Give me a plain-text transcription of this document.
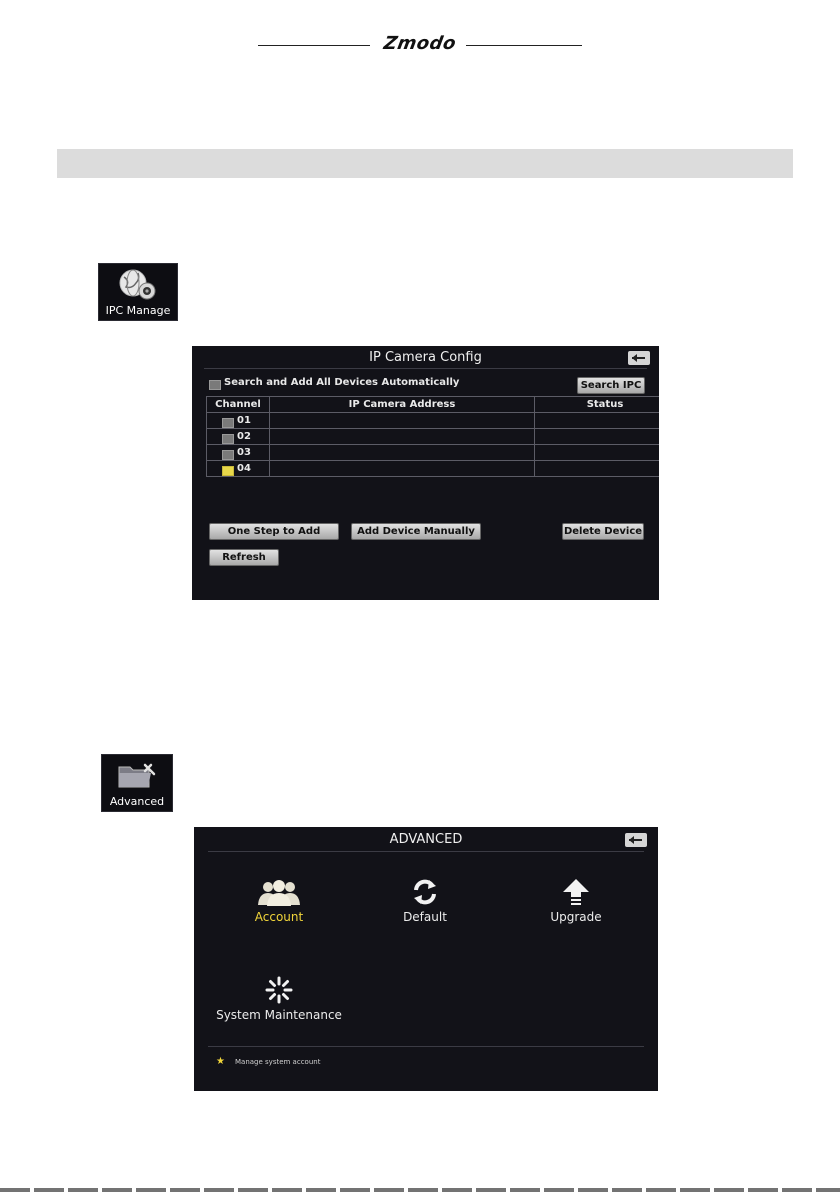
Zmodo
IPC Manage
IP Camera Config
Search and Add All Devices Automatically	Search IPC
Channel	IP Camera Address	Status
01		
02		
03		
04		
One Step to Add	Add Device Manually	Delete Device
Refresh
Advanced
ADVANCED
Account	Default	Upgrade
System Maintenance
★ Manage system account
